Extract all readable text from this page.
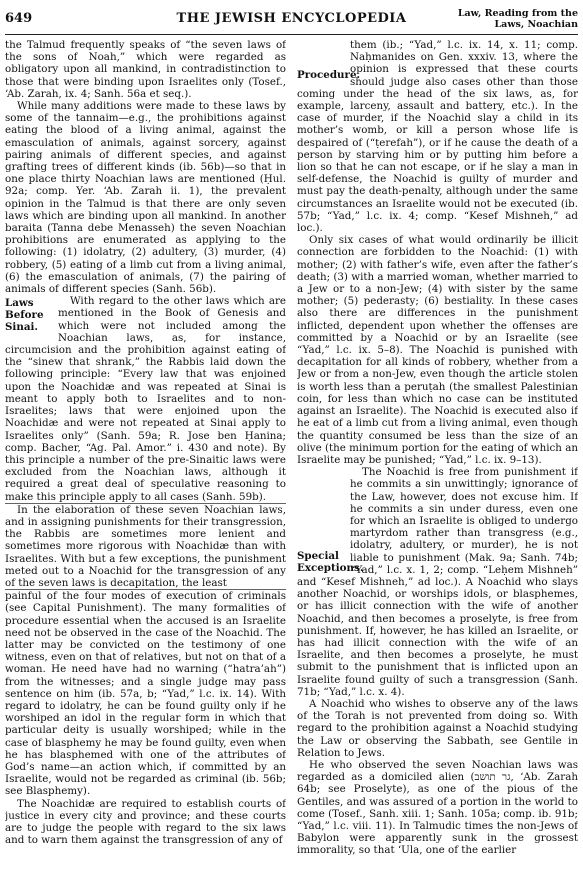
649	THE JEWISH ENCYCLOPEDIA	Law, Reading from the
Laws, Noachian

the Talmud frequently speaks of “the seven laws of the sons of Noah,” which were regarded as obligatory upon all mankind, in contradistinction to those that were binding upon Israelites only (Tosef., ‘Ab. Zarah, ix. 4; Sanh. 56a et seq.).

While many additions were made to these laws by some of the tannaim—e.g., the prohibitions against eating the blood of a living animal, against the emasculation of animals, against sorcery, against pairing animals of different species, and against grafting trees of different kinds (ib. 56b)—so that in one place thirty Noachian laws are mentioned (Ḥul. 92a; comp. Yer. ‘Ab. Zarah ii. 1), the prevalent opinion in the Talmud is that there are only seven laws which are binding upon all mankind. In another baraita (Tanna debe Menasseh) the seven Noachian prohibitions are enumerated as applying to the following: (1) idolatry, (2) adultery, (3) murder, (4) robbery, (5) eating of a limb cut from a living animal, (6) the emasculation of animals, (7) the pairing of animals of different species (Sanh. 56b).

Laws Before Sinai.
With regard to the other laws which are mentioned in the Book of Genesis and which were not included among the Noachian laws, as, for instance, circumcision and the prohibition against eating of the “sinew that shrank,” the Rabbis laid down the following principle: “Every law that was enjoined upon the Noachidæ and was repeated at Sinai is meant to apply both to Israelites and to non-Israelites; laws that were enjoined upon the Noachidæ and were not repeated at Sinai apply to Israelites only” (Sanh. 59a; R. Jose ben Ḥanina; comp. Bacher, “Ag. Pal. Amor.” i. 430 and note). By this principle a number of the pre-Sinaitic laws were excluded from the Noachian laws, although it required a great deal of speculative reasoning to make this principle apply to all cases (Sanh. 59b).

In the elaboration of these seven Noachian laws, and in assigning punishments for their transgression, the Rabbis are sometimes more lenient and sometimes more rigorous with Noachidæ than with Israelites. With but a few exceptions, the punishment meted out to a Noachid for the transgression of any of the seven laws is decapitation, the least

painful of the four modes of execution of criminals (see Capital Punishment). The many formalities of procedure essential when the accused is an Israelite need not be observed in the case of the Noachid. The latter may be convicted on the testimony of one witness, even on that of relatives, but not on that of a woman. He need have had no warning (“hatra’ah”) from the witnesses; and a single judge may pass sentence on him (ib. 57a, b; “Yad,” l.c. ix. 14). With regard to idolatry, he can be found guilty only if he worshiped an idol in the regular form in which that particular deity is usually worshiped; while in the case of blasphemy he may be found guilty, even when he has blasphemed with one of the attributes of God’s name—an action which, if committed by an Israelite, would not be regarded as criminal (ib. 56b; see Blasphemy).

The Noachidæ are required to establish courts of justice in every city and province; and these courts are to judge the people with regard to the six laws and to warn them against the transgression of any of

Procedure.
them (ib.; “Yad,” l.c. ix. 14, x. 11; comp. Naḥmanides on Gen. xxxiv. 13, where the opinion is expressed that these courts should judge also cases other than those coming under the head of the six laws, as, for example, larceny, assault and battery, etc.). In the case of murder, if the Noachid slay a child in its mother’s womb, or kill a person whose life is despaired of (“ṭerefah”), or if he cause the death of a person by starving him or by putting him before a lion so that he can not escape, or if he slay a man in self-defense, the Noachid is guilty of murder and must pay the death-penalty, although under the same circumstances an Israelite would not be executed (ib. 57b; “Yad,” l.c. ix. 4; comp. “Kesef Mishneh,” ad loc.).

Only six cases of what would ordinarily be illicit connection are forbidden to the Noachid: (1) with mother; (2) with father’s wife, even after the father’s death; (3) with a married woman, whether married to a Jew or to a non-Jew; (4) with sister by the same mother; (5) pederasty; (6) bestiality. In these cases also there are differences in the punishment inflicted, dependent upon whether the offenses are committed by a Noachid or by an Israelite (see “Yad,” l.c. ix. 5–8). The Noachid is punished with decapitation for all kinds of robbery, whether from a Jew or from a non-Jew, even though the article stolen is worth less than a peruṭah (the smallest Palestinian coin, for less than which no case can be instituted against an Israelite). The Noachid is executed also if he eat of a limb cut from a living animal, even though the quantity consumed be less than the size of an olive (the minimum portion for the eating of which an Israelite may be punished; “Yad,” l.c. ix. 9–13).

Special Exceptions.
The Noachid is free from punishment if he commits a sin unwittingly; ignorance of the Law, however, does not excuse him. If he commits a sin under duress, even one for which an Israelite is obliged to undergo martyrdom rather than transgress (e.g., idolatry, adultery, or murder), he is not liable to punishment (Mak. 9a; Sanh. 74b; “Yad,” l.c. x. 1, 2; comp. “Leḥem Mishneh” and “Kesef Mishneh,” ad loc.). A Noachid who slays another Noachid, or worships idols, or blasphemes, or has illicit connection with the wife of another Noachid, and then becomes a proselyte, is free from punishment. If, however, he has killed an Israelite, or has had illicit connection with the wife of an Israelite, and then becomes a proselyte, he must submit to the punishment that is inflicted upon an Israelite found guilty of such a transgression (Sanh. 71b; “Yad,” l.c. x. 4).

A Noachid who wishes to observe any of the laws of the Torah is not prevented from doing so. With regard to the prohibition against a Noachid studying the Law or observing the Sabbath, see Gentile in Relation to Jews.

He who observed the seven Noachian laws was regarded as a domiciled alien (גר תושב, ‘Ab. Zarah 64b; see Proselyte), as one of the pious of the Gentiles, and was assured of a portion in the world to come (Tosef., Sanh. xiii. 1; Sanh. 105a; comp. ib. 91b; “Yad,” l.c. viii. 11). In Talmudic times the non-Jews of Babylon were apparently sunk in the grossest immorality, so that ‘Ula, one of the earlier
